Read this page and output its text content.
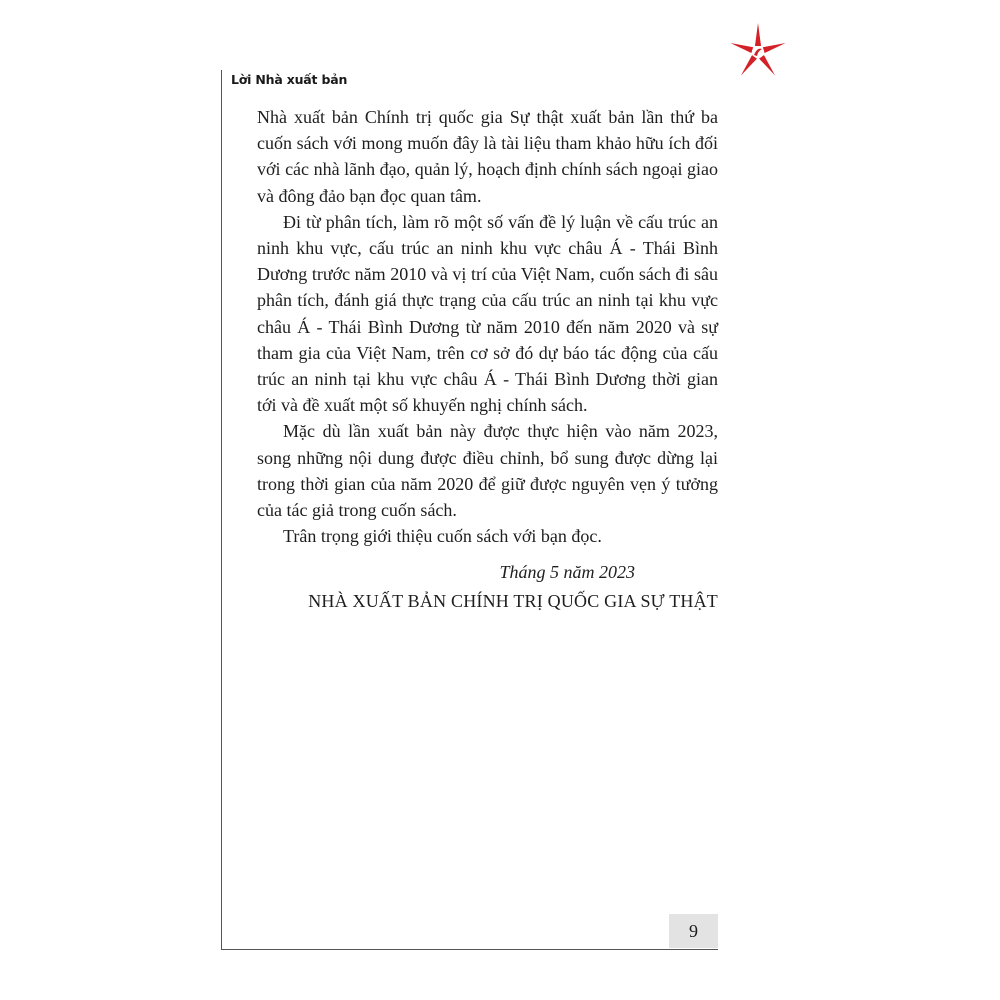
Lời Nhà xuất bản

Nhà xuất bản Chính trị quốc gia Sự thật xuất bản lần thứ ba cuốn sách với mong muốn đây là tài liệu tham khảo hữu ích đối với các nhà lãnh đạo, quản lý, hoạch định chính sách ngoại giao và đông đảo bạn đọc quan tâm.

Đi từ phân tích, làm rõ một số vấn đề lý luận về cấu trúc an ninh khu vực, cấu trúc an ninh khu vực châu Á - Thái Bình Dương trước năm 2010 và vị trí của Việt Nam, cuốn sách đi sâu phân tích, đánh giá thực trạng của cấu trúc an ninh tại khu vực châu Á - Thái Bình Dương từ năm 2010 đến năm 2020 và sự tham gia của Việt Nam, trên cơ sở đó dự báo tác động của cấu trúc an ninh tại khu vực châu Á - Thái Bình Dương thời gian tới và đề xuất một số khuyến nghị chính sách.

Mặc dù lần xuất bản này được thực hiện vào năm 2023, song những nội dung được điều chỉnh, bổ sung được dừng lại trong thời gian của năm 2020 để giữ được nguyên vẹn ý tưởng của tác giả trong cuốn sách.

Trân trọng giới thiệu cuốn sách với bạn đọc.

Tháng 5 năm 2023
NHÀ XUẤT BẢN CHÍNH TRỊ QUỐC GIA SỰ THẬT
9
